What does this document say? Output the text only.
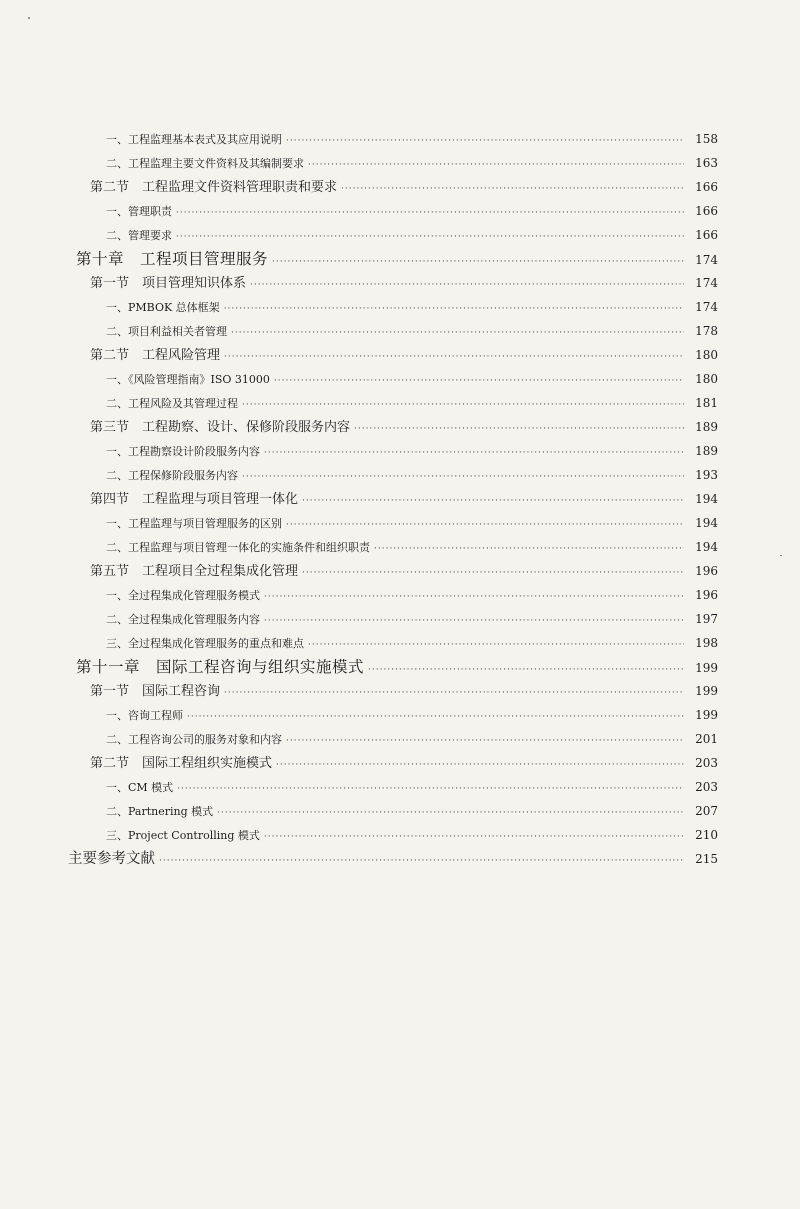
一、工程监理基本表式及其应用说明 ·····	158
二、工程监理主要文件资料及其编制要求 ·····	163
第二节　工程监理文件资料管理职责和要求 ·····	166
一、管理职责 ·····	166
二、管理要求 ·····	166
第十章　工程项目管理服务 ·····	174
第一节　项目管理知识体系 ·····	174
一、PMBOK 总体框架 ·····	174
二、项目利益相关者管理 ·····	178
第二节　工程风险管理 ·····	180
一、《风险管理指南》ISO 31000 ·····	180
二、工程风险及其管理过程 ·····	181
第三节　工程勘察、设计、保修阶段服务内容 ·····	189
一、工程勘察设计阶段服务内容 ·····	189
二、工程保修阶段服务内容 ·····	193
第四节　工程监理与项目管理一体化 ·····	194
一、工程监理与项目管理服务的区别 ·····	194
二、工程监理与项目管理一体化的实施条件和组织职责 ·····	194
第五节　工程项目全过程集成化管理 ·····	196
一、全过程集成化管理服务模式 ·····	196
二、全过程集成化管理服务内容 ·····	197
三、全过程集成化管理服务的重点和难点 ·····	198
第十一章　国际工程咨询与组织实施模式 ·····	199
第一节　国际工程咨询 ·····	199
一、咨询工程师 ·····	199
二、工程咨询公司的服务对象和内容 ·····	201
第二节　国际工程组织实施模式 ·····	203
一、CM 模式 ·····	203
二、Partnering 模式 ·····	207
三、Project Controlling 模式 ·····	210
主要参考文献 ·····	215
